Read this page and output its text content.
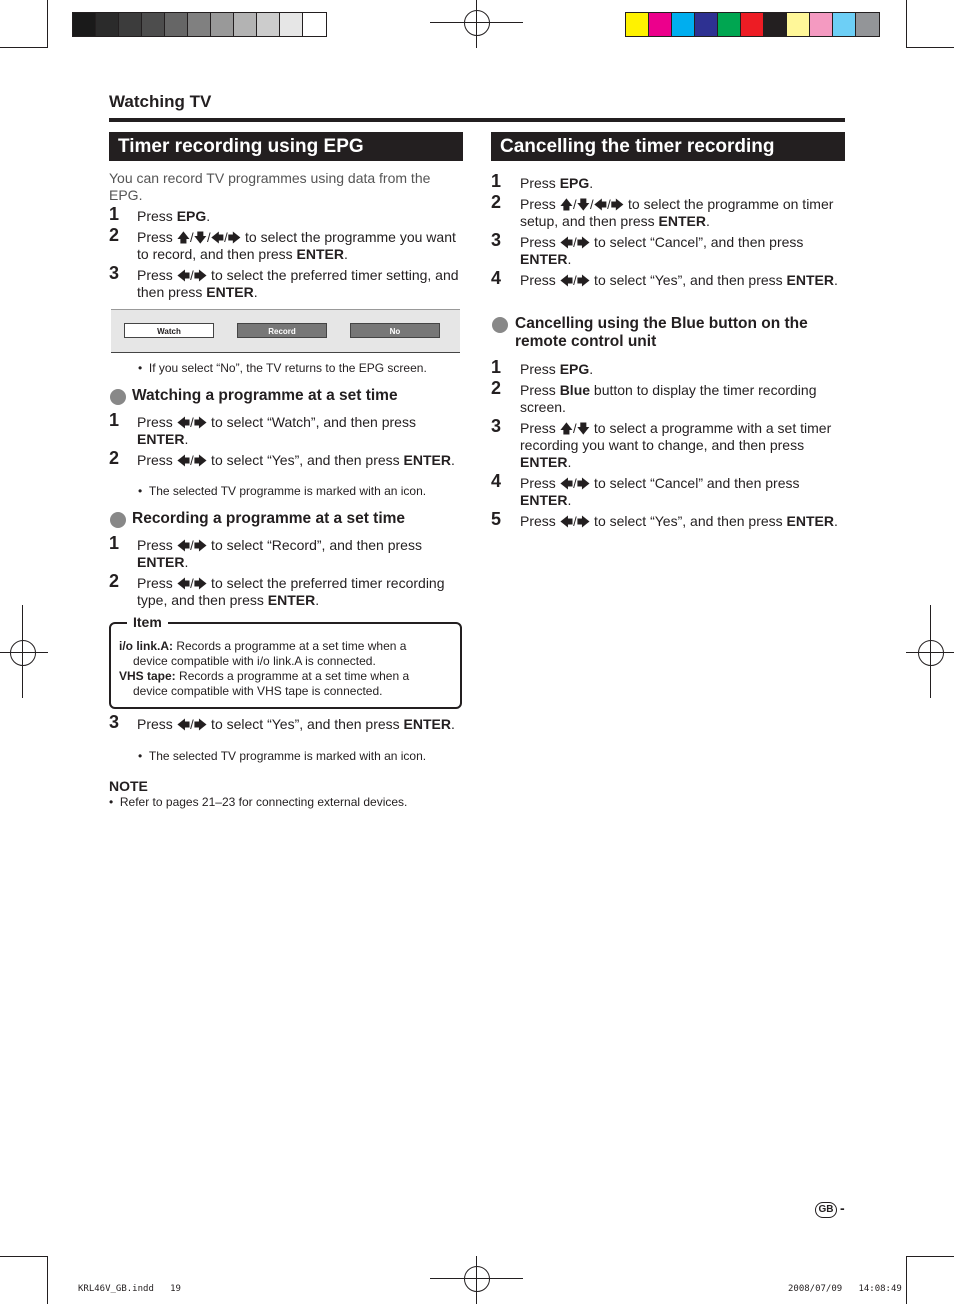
Watching TV
Timer recording using EPG
You can record TV programmes using data from the EPG.
1 Press EPG.
2 Press 🡅/🡇/🡄/🡆 to select the programme you want to record, and then press ENTER.
3 Press 🡄/🡆 to select the preferred timer setting, and then press ENTER.
1 Press 🡄/🡆 to select “Watch”, and then press ENTER.
2 Press 🡄/🡆 to select “Yes”, and then press ENTER.
1 Press 🡄/🡆 to select “Record”, and then press ENTER.
2 Press 🡄/🡆 to select the preferred timer recording type, and then press ENTER.
3 Press 🡄/🡆 to select “Yes”, and then press ENTER.
Watch	Record	No
•  If you select “No”, the TV returns to the EPG screen.
Watching a programme at a set time
•  The selected TV programme is marked with an icon.
Recording a programme at a set time
Item
i/o link.A: Records a programme at a set time when a
device compatible with i/o link.A is connected.
VHS tape: Records a programme at a set time when a
device compatible with VHS tape is connected.
•  The selected TV programme is marked with an icon.
NOTE
•  Refer to pages 21–23 for connecting external devices.
Cancelling the timer recording
1 Press EPG.
2 Press 🡅/🡇/🡄/🡆 to select the programme on timer setup, and then press ENTER.
3 Press 🡄/🡆 to select “Cancel”, and then press ENTER.
4 Press 🡄/🡆 to select “Yes”, and then press ENTER.
1 Press EPG.
2 Press Blue button to display the timer recording screen.
3 Press 🡅/🡇 to select a programme with a set timer recording you want to change, and then press ENTER.
4 Press 🡄/🡆 to select “Cancel” and then press ENTER.
5 Press 🡄/🡆 to select “Yes”, and then press ENTER.
Cancelling using the Blue button on the remote control unit
GB -
KRL46V_GB.indd   19	2008/07/09   14:08:49
